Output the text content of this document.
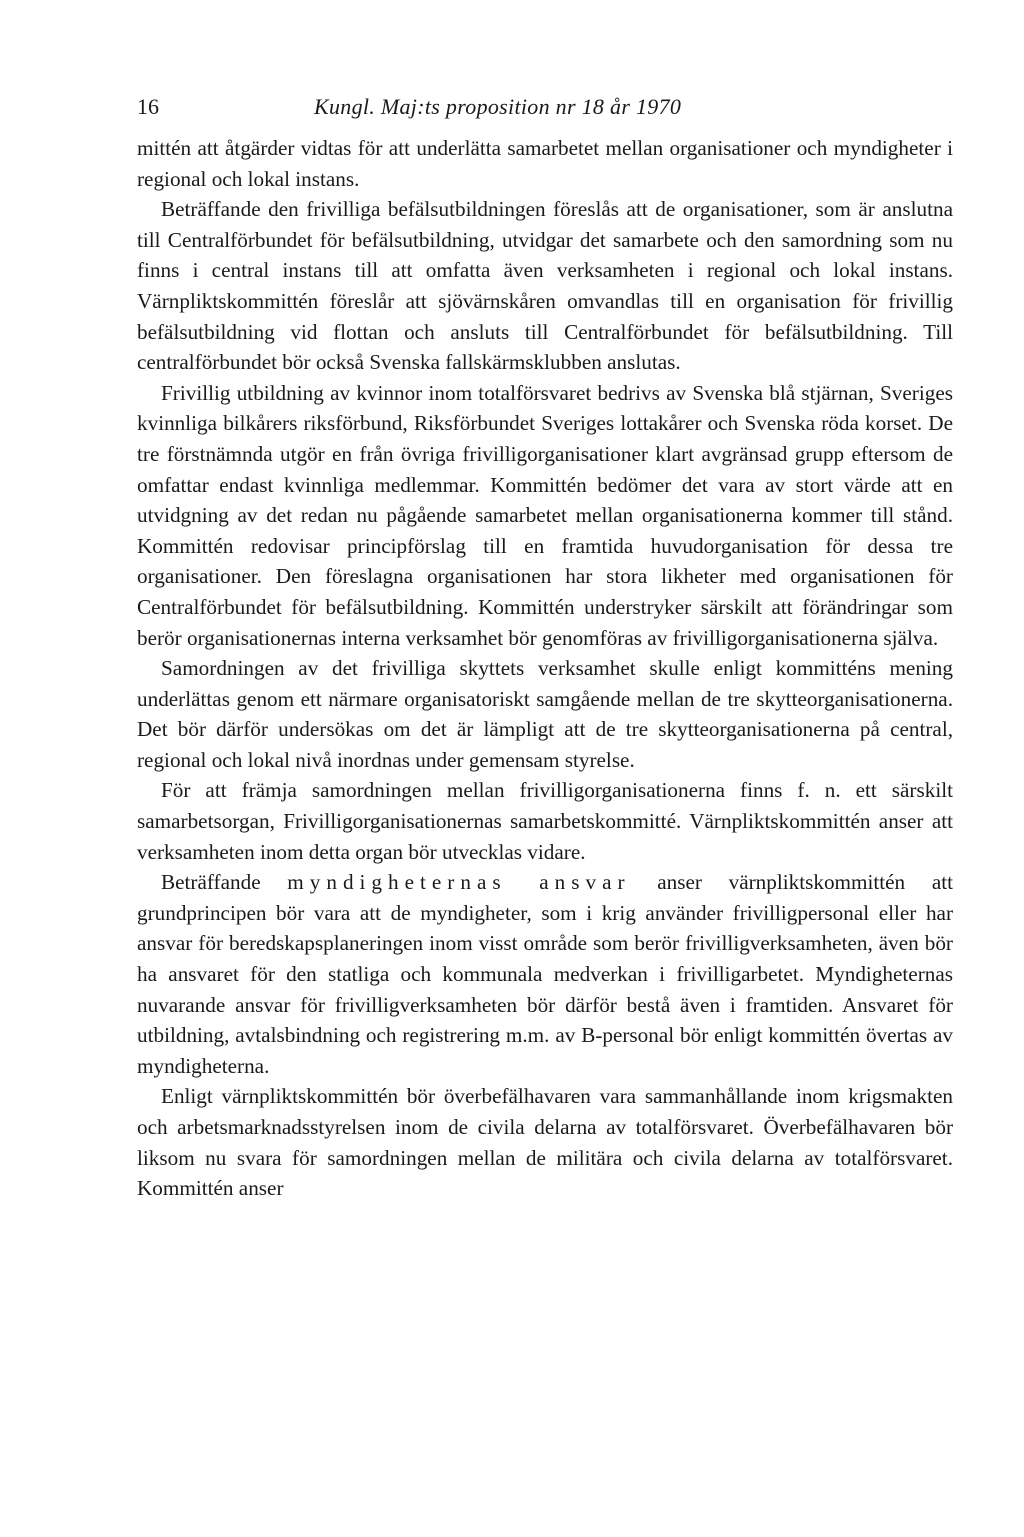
16	Kungl. Maj:ts proposition nr 18 år 1970

mittén att åtgärder vidtas för att underlätta samarbetet mellan organisationer och myndigheter i regional och lokal instans.

Beträffande den frivilliga befälsutbildningen föreslås att de organisationer, som är anslutna till Centralförbundet för befälsutbildning, utvidgar det samarbete och den samordning som nu finns i central instans till att omfatta även verksamheten i regional och lokal instans. Värnpliktskommittén föreslår att sjövärnskåren omvandlas till en organisation för frivillig befälsutbildning vid flottan och ansluts till Centralförbundet för befälsutbildning. Till centralförbundet bör också Svenska fallskärmsklubben anslutas.

Frivillig utbildning av kvinnor inom totalförsvaret bedrivs av Svenska blå stjärnan, Sveriges kvinnliga bilkårers riksförbund, Riksförbundet Sveriges lottakårer och Svenska röda korset. De tre förstnämnda utgör en från övriga frivilligorganisationer klart avgränsad grupp eftersom de omfattar endast kvinnliga medlemmar. Kommittén bedömer det vara av stort värde att en utvidgning av det redan nu pågående samarbetet mellan organisationerna kommer till stånd. Kommittén redovisar principförslag till en framtida huvudorganisation för dessa tre organisationer. Den föreslagna organisationen har stora likheter med organisationen för Centralförbundet för befälsutbildning. Kommittén understryker särskilt att förändringar som berör organisationernas interna verksamhet bör genomföras av frivilligorganisationerna själva.

Samordningen av det frivilliga skyttets verksamhet skulle enligt kommitténs mening underlättas genom ett närmare organisatoriskt samgående mellan de tre skytteorganisationerna. Det bör därför undersökas om det är lämpligt att de tre skytteorganisationerna på central, regional och lokal nivå inordnas under gemensam styrelse.

För att främja samordningen mellan frivilligorganisationerna finns f. n. ett särskilt samarbetsorgan, Frivilligorganisationernas samarbetskommitté. Värnpliktskommittén anser att verksamheten inom detta organ bör utvecklas vidare.

Beträffande myndigheternas ansvar anser värnpliktskommittén att grundprincipen bör vara att de myndigheter, som i krig använder frivilligpersonal eller har ansvar för beredskapsplaneringen inom visst område som berör frivilligverksamheten, även bör ha ansvaret för den statliga och kommunala medverkan i frivilligarbetet. Myndigheternas nuvarande ansvar för frivilligverksamheten bör därför bestå även i framtiden. Ansvaret för utbildning, avtalsbindning och registrering m.m. av B-personal bör enligt kommittén övertas av myndigheterna.

Enligt värnpliktskommittén bör överbefälhavaren vara sammanhållande inom krigsmakten och arbetsmarknadsstyrelsen inom de civila delarna av totalförsvaret. Överbefälhavaren bör liksom nu svara för samordningen mellan de militära och civila delarna av totalförsvaret. Kommittén anser
